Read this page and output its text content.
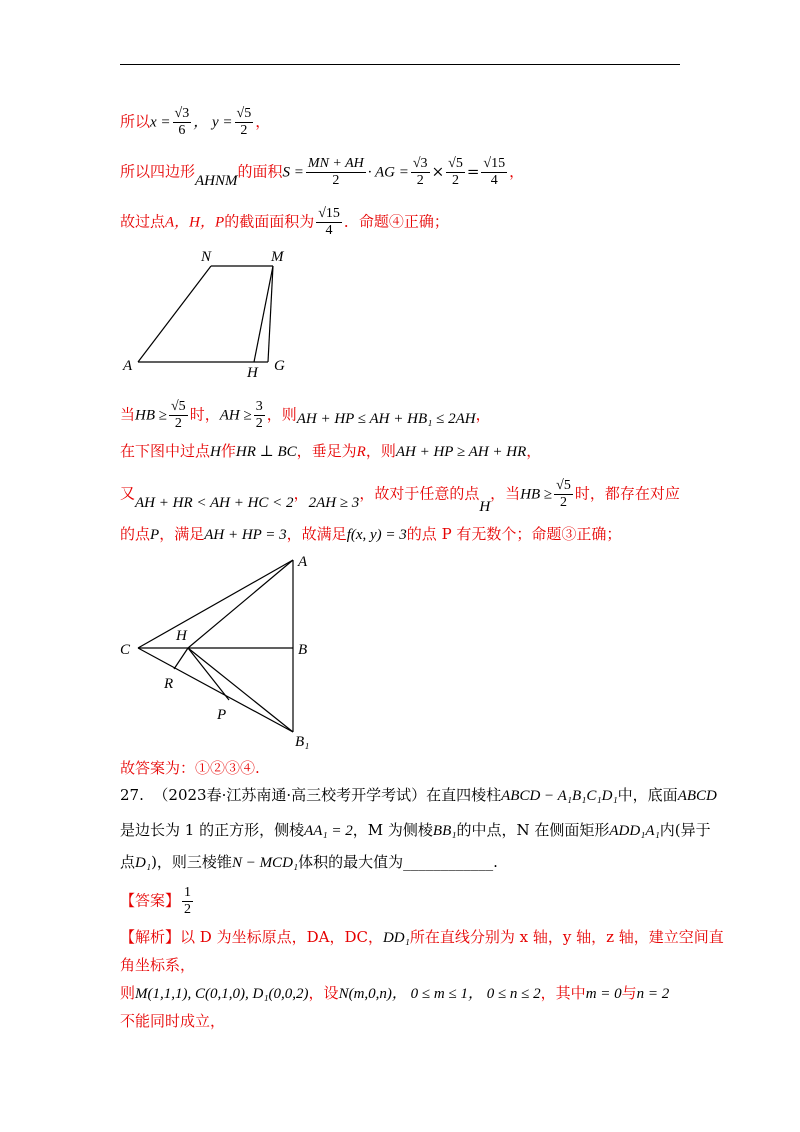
所以$x = \frac{√3}{6}$ ， $y = \frac{√5}{2}$ ，
所以四边形AHNM的面积$S = \frac{MN + AH}{2}$ · AG = $\frac{√3}{2} \times \frac{√5}{2} = \frac{√15}{4}$ ，
故过点A，H，P的截面面积为 $\frac{√15}{4}$ ．命题④正确；
N	M
A	H G
当HB ≥ $\frac{√5}{2}$ 时，AH ≥ $\frac{3}{2}$ ，则AH + HP ≤ AH + HB₁ ≤ 2AH，
在下图中过点H作HR ⊥ BC，垂足为R，则AH + HP ≥ AH + HR，
又AH + HR < AH + HC < 2，2AH ≥ 3，故对于任意的点H，当HB ≥ $\frac{√5}{2}$ 时，都存在对应
的点P，满足AH + HP = 3，故满足f(x, y) = 3的点 P 有无数个；命题③正确；
A
C
H
B
R
P
B₁
故答案为：①②③④.
27. （2023春·江苏南通·高三校考开学考试）在直四棱柱ABCD − A₁B₁C₁D₁中，底面ABCD
是边长为 1 的正方形，侧棱AA₁ = 2，M 为侧棱BB₁的中点，N 在侧面矩形ADD₁A₁内(异于
点D₁)，则三棱锥N − MCD₁体积的最大值为____________.
【答案】 $\frac{1}{2}$
【解析】以 D 为坐标原点，DA，DC，DD₁所在直线分别为 x 轴，y 轴，z 轴，建立空间直
角坐标系，
则M(1,1,1), C(0,1,0), D₁(0,0,2)，设N(m,0,n)， 0 ≤ m ≤ 1， 0 ≤ n ≤ 2，其中m = 0与n = 2
不能同时成立，
